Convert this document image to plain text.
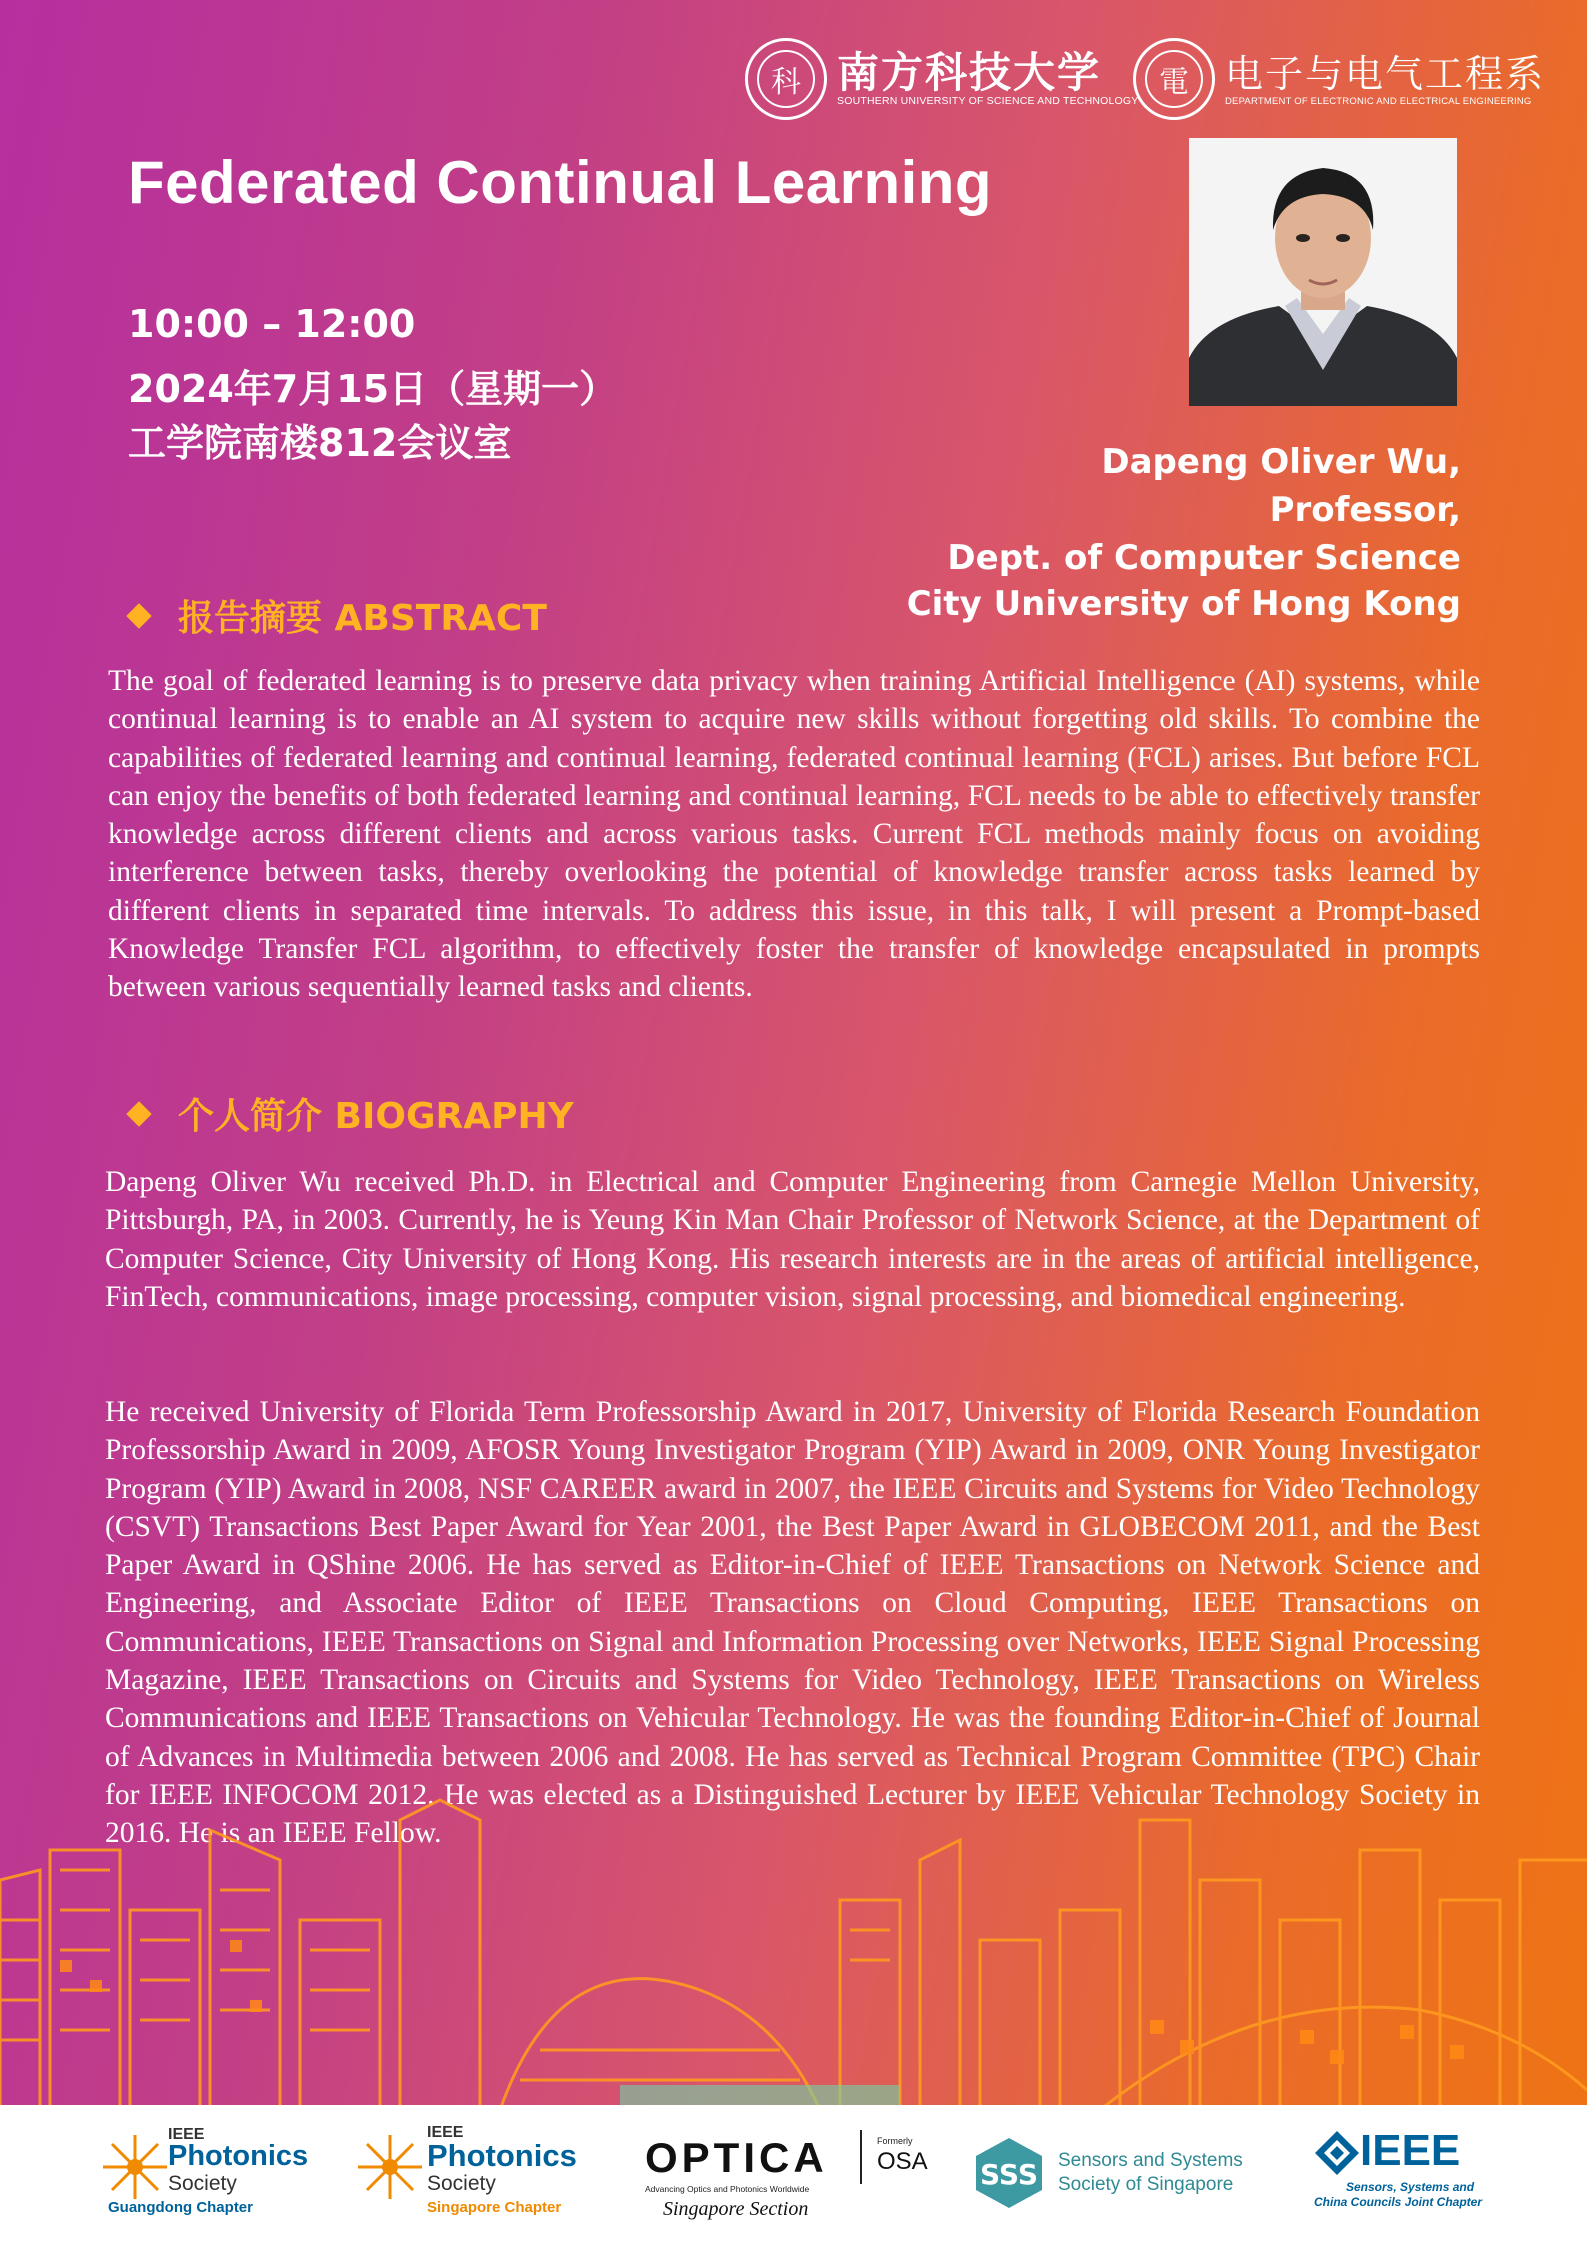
科 南方科技大学
SOUTHERN UNIVERSITY OF SCIENCE AND TECHNOLOGY
電 电子与电气工程系
DEPARTMENT OF ELECTRONIC AND ELECTRICAL ENGINEERING
Federated Continual Learning
10:00 – 12:00
2024年7月15日（星期一）
工学院南楼812会议室	Dapeng Oliver Wu,
Professor,
Dept. of Computer Science
City University of Hong Kong
报告摘要 ABSTRACT

The goal of federated learning is to preserve data privacy when training Artificial Intelligence (AI) systems, while continual learning is to enable an AI system to acquire new skills without forgetting old skills. To combine the capabilities of federated learning and continual learning, federated continual learning (FCL) arises. But before FCL can enjoy the benefits of both federated learning and continual learning, FCL needs to be able to effectively transfer knowledge across different clients and across various tasks. Current FCL methods mainly focus on avoiding interference between tasks, thereby overlooking the potential of knowledge transfer across tasks learned by different clients in separated time intervals. To address this issue, in this talk, I will present a Prompt-based Knowledge Transfer FCL algorithm, to effectively foster the transfer of knowledge encapsulated in prompts between various sequentially learned tasks and clients.

个人简介 BIOGRAPHY

Dapeng Oliver Wu received Ph.D. in Electrical and Computer Engineering from Carnegie Mellon University, Pittsburgh, PA, in 2003. Currently, he is Yeung Kin Man Chair Professor of Network Science, at the Department of Computer Science, City University of Hong Kong. His research interests are in the areas of artificial intelligence, FinTech, communications, image processing, computer vision, signal processing, and biomedical engineering.

He received University of Florida Term Professorship Award in 2017, University of Florida Research Foundation Professorship Award in 2009, AFOSR Young Investigator Program (YIP) Award in 2009, ONR Young Investigator Program (YIP) Award in 2008, NSF CAREER award in 2007, the IEEE Circuits and Systems for Video Technology (CSVT) Transactions Best Paper Award for Year 2001, the Best Paper Award in GLOBECOM 2011, and the Best Paper Award in QShine 2006. He has served as Editor-in-Chief of IEEE Transactions on Network Science and Engineering, and Associate Editor of IEEE Transactions on Cloud Computing, IEEE Transactions on Communications, IEEE Transactions on Signal and Information Processing over Networks, IEEE Signal Processing Magazine, IEEE Transactions on Circuits and Systems for Video Technology, IEEE Transactions on Wireless Communications and IEEE Transactions on Vehicular Technology. He was the founding Editor-in-Chief of Journal of Advances in Multimedia between 2006 and 2008. He has served as Technical Program Committee (TPC) Chair for IEEE INFOCOM 2012. He was elected as a Distinguished Lecturer by IEEE Vehicular Technology Society in 2016. He is an IEEE Fellow.

IEEE
Photonics
Society
Guangdong Chapter
IEEE
Photonics
Society
Singapore Chapter
OPTICA
Advancing Optics and Photonics Worldwide
Formerly
OSA
Singapore Section
SSS Sensors and Systems
Society of Singapore
IEEE
Sensors, Systems and
China Councils Joint Chapter
